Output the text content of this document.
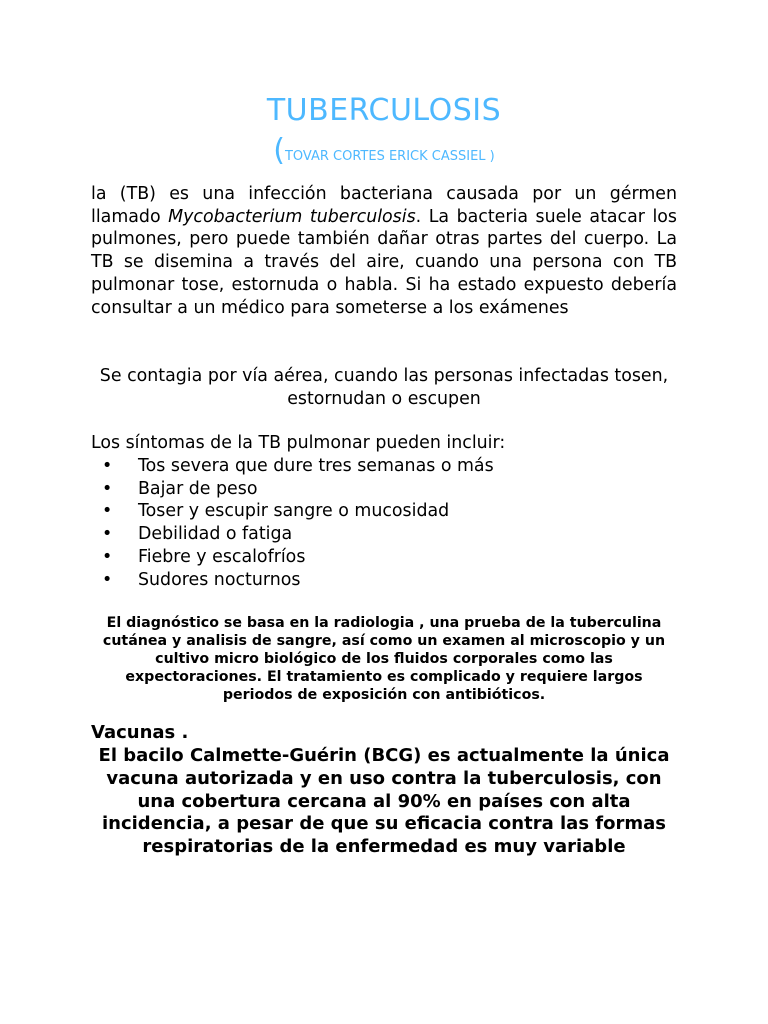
TUBERCULOSIS
(TOVAR CORTES ERICK CASSIEL )

la (TB) es una infección bacteriana causada por un gérmen llamado Mycobacterium tuberculosis. La bacteria suele atacar los pulmones, pero puede también dañar otras partes del cuerpo. La TB se disemina a través del aire, cuando una persona con TB pulmonar tose, estornuda o habla. Si ha estado expuesto debería consultar a un médico para someterse a los exámenes

Se contagia por vía aérea, cuando las personas infectadas tosen, estornudan o escupen

Los síntomas de la TB pulmonar pueden incluir:

• Tos severa que dure tres semanas o más
• Bajar de peso
• Toser y escupir sangre o mucosidad
• Debilidad o fatiga
• Fiebre y escalofríos
• Sudores nocturnos

El diagnóstico se basa en la radiologia , una prueba de la tuberculina cutánea y analisis de sangre, así como un examen al microscopio y un cultivo micro biológico de los fluidos corporales como las expectoraciones. El tratamiento es complicado y requiere largos periodos de exposición con antibióticos.

Vacunas .

El bacilo Calmette-Guérin (BCG) es actualmente la única vacuna autorizada y en uso contra la tuberculosis, con una cobertura cercana al 90% en países con alta incidencia, a pesar de que su eficacia contra las formas respiratorias de la enfermedad es muy variable
